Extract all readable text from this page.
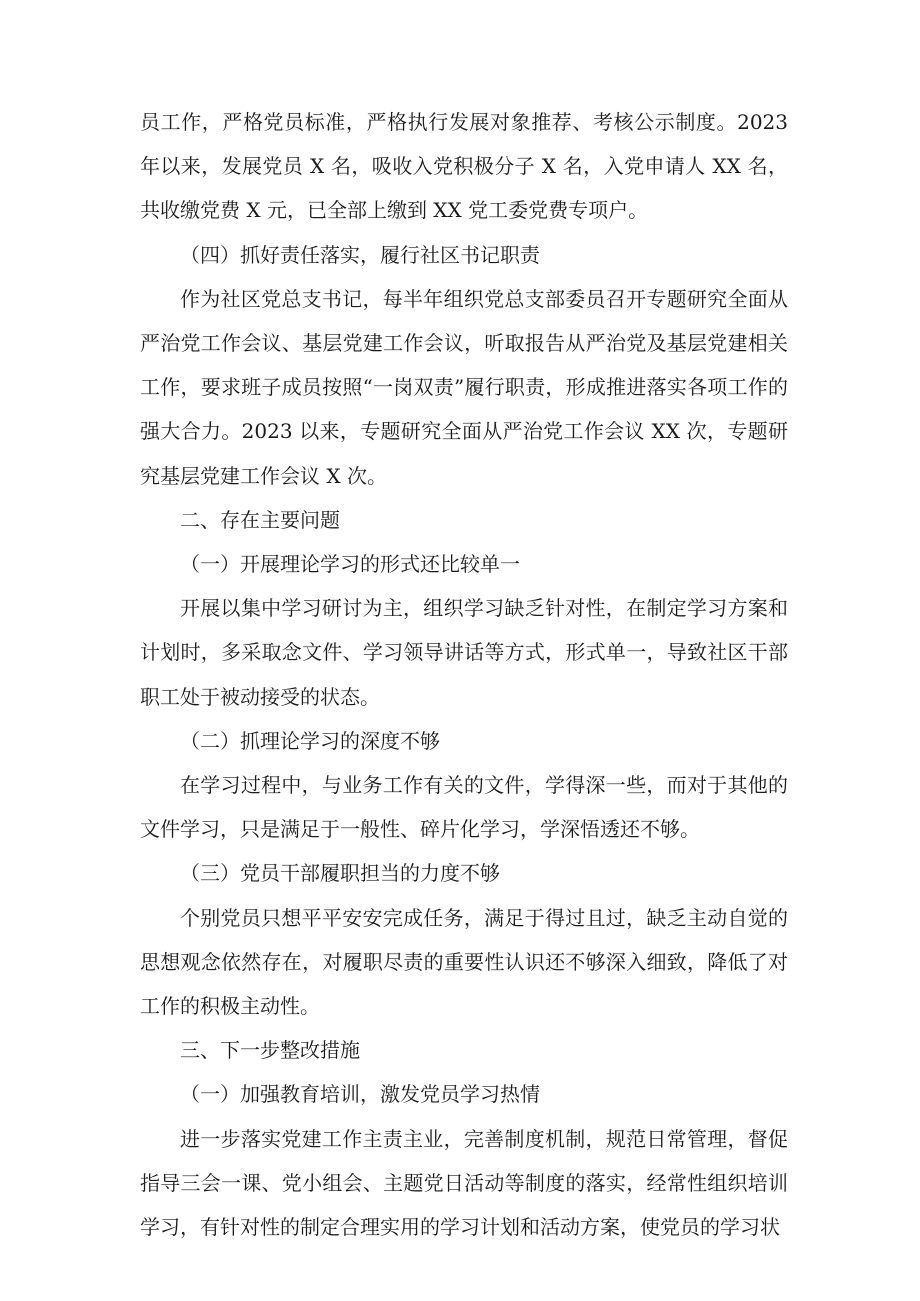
员工作，严格党员标准，严格执行发展对象推荐、考核公示制度。2023 年以来，发展党员 X 名，吸收入党积极分子 X 名，入党申请人 XX 名，共收缴党费 X 元，已全部上缴到 XX 党工委党费专项户。

（四）抓好责任落实，履行社区书记职责

作为社区党总支书记，每半年组织党总支部委员召开专题研究全面从严治党工作会议、基层党建工作会议，听取报告从严治党及基层党建相关工作，要求班子成员按照“一岗双责”履行职责，形成推进落实各项工作的强大合力。2023 以来，专题研究全面从严治党工作会议 XX 次，专题研究基层党建工作会议 X 次。

二、存在主要问题

（一）开展理论学习的形式还比较单一

开展以集中学习研讨为主，组织学习缺乏针对性，在制定学习方案和计划时，多采取念文件、学习领导讲话等方式，形式单一，导致社区干部职工处于被动接受的状态。

（二）抓理论学习的深度不够

在学习过程中，与业务工作有关的文件，学得深一些，而对于其他的文件学习，只是满足于一般性、碎片化学习，学深悟透还不够。

（三）党员干部履职担当的力度不够

个别党员只想平平安安完成任务，满足于得过且过，缺乏主动自觉的思想观念依然存在，对履职尽责的重要性认识还不够深入细致，降低了对工作的积极主动性。

三、下一步整改措施

（一）加强教育培训，激发党员学习热情

进一步落实党建工作主责主业，完善制度机制，规范日常管理，督促指导三会一课、党小组会、主题党日活动等制度的落实，经常性组织培训学习，有针对性的制定合理实用的学习计划和活动方案，使党员的学习状
